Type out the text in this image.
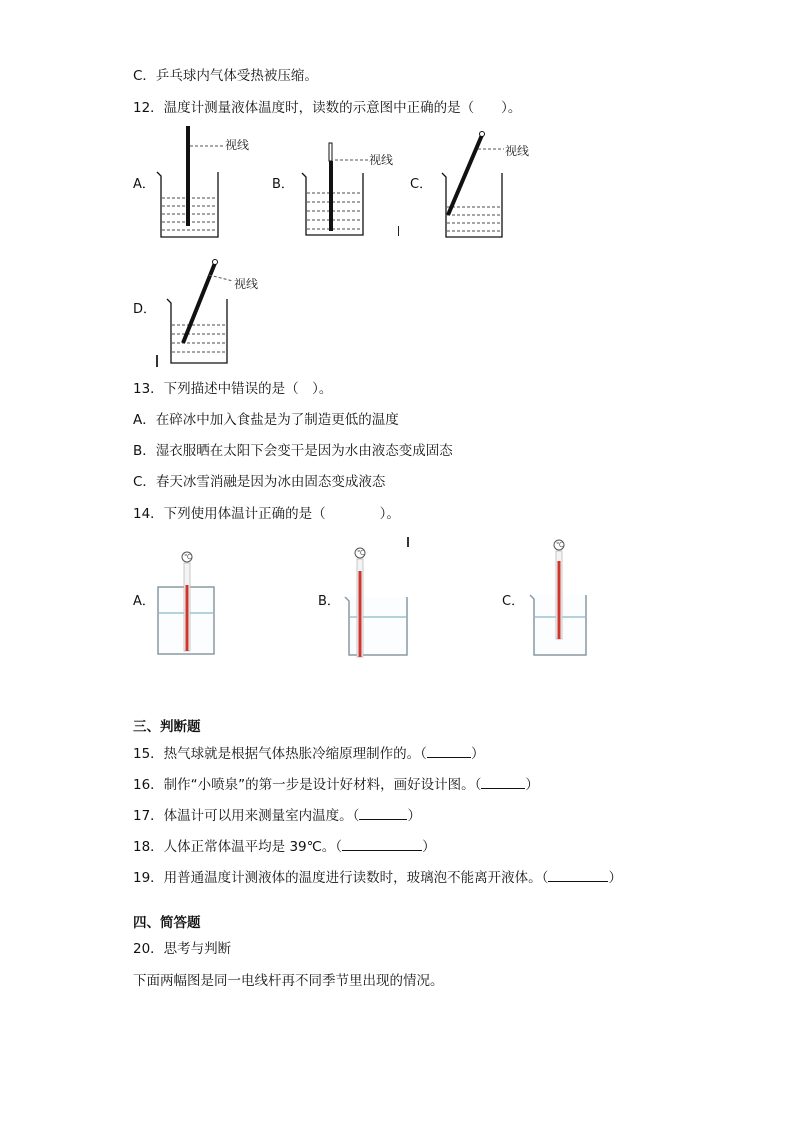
C．乒乓球内气体受热被压缩。
12．温度计测量液体温度时，读数的示意图中正确的是（　　）。
A．
视线
B．
视线
C．
视线
D．
视线
13．下列描述中错误的是（　）。
A．在碎冰中加入食盐是为了制造更低的温度
B．湿衣服晒在太阳下会变干是因为水由液态变成固态
C．春天冰雪消融是因为冰由固态变成液态
14．下列使用体温计正确的是（　　　　）。
A．
℃
B．
℃
C．
℃
三、判断题
15．热气球就是根据气体热胀冷缩原理制作的。（	）
16．制作“小喷泉”的第一步是设计好材料，画好设计图。（	）
17．体温计可以用来测量室内温度。（	）
18．人体正常体温平均是 39℃。（	）
19．用普通温度计测液体的温度进行读数时，玻璃泡不能离开液体。（	）
四、简答题
20．思考与判断
下面两幅图是同一电线杆再不同季节里出现的情况。
